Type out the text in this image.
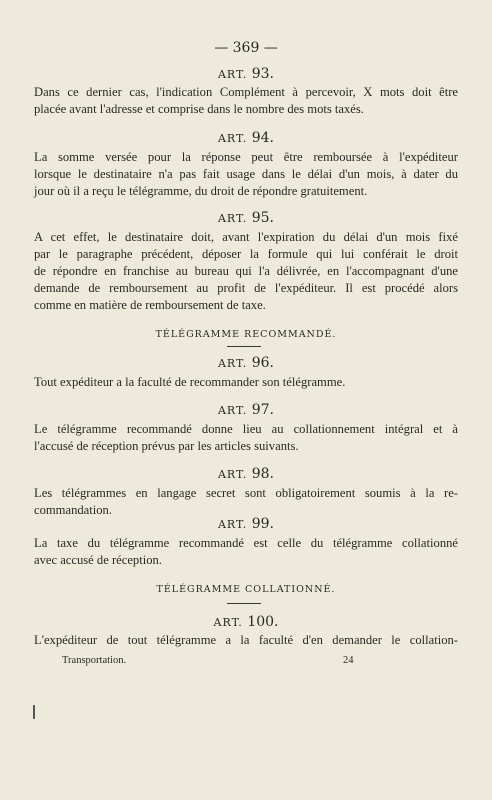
— 369 —
ART. 93.
Dans ce dernier cas, l'indication Complément à percevoir, X mots doit être
placée avant l'adresse et comprise dans le nombre des mots taxés.
ART. 94.
La somme versée pour la réponse peut être remboursée à l'expéditeur
lorsque le destinataire n'a pas fait usage dans le délai d'un mois, à dater du
jour où il a reçu le télégramme, du droit de répondre gratuitement.
ART. 95.
A cet effet, le destinataire doit, avant l'expiration du délai d'un mois fixé
par le paragraphe précédent, déposer la formule qui lui conférait le droit
de répondre en franchise au bureau qui l'a délivrée, en l'accompagnant d'une
demande de remboursement au profit de l'expéditeur. Il est procédé alors
comme en matière de remboursement de taxe.
TÉLÉGRAMME RECOMMANDÉ.
ART. 96.
Tout expéditeur a la faculté de recommander son télégramme.
ART. 97.
Le télégramme recommandé donne lieu au collationnement intégral et à
l'accusé de réception prévus par les articles suivants.
ART. 98.
Les télégrammes en langage secret sont obligatoirement soumis à la re-
commandation.
ART. 99.
La taxe du télégramme recommandé est celle du télégramme collationné
avec accusé de réception.
TÉLÉGRAMME COLLATIONNÉ.
ART. 100.
L'expéditeur de tout télégramme a la faculté d'en demander le collation-
Transportation.	24
